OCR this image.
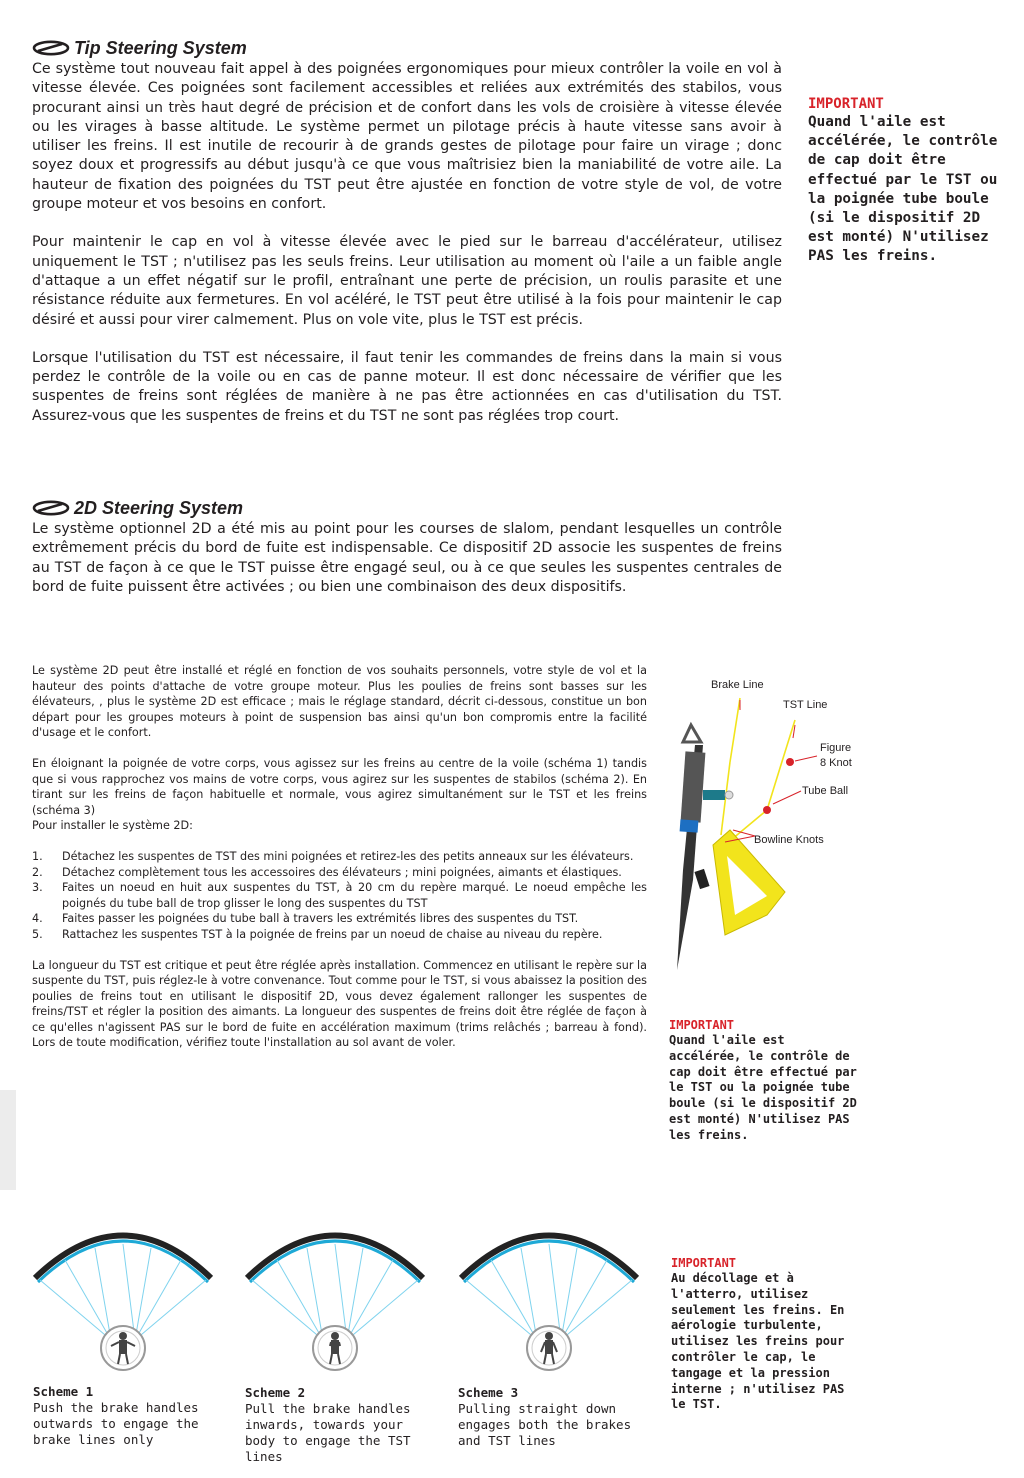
Tip Steering System

Ce système tout nouveau fait appel à des poignées ergonomiques pour mieux contrôler la voile en vol à vitesse élevée. Ces poignées sont facilement accessibles et reliées aux extrémités des stabilos, vous procurant ainsi un très haut degré de précision et de confort dans les vols de croisière à vitesse élevée ou les virages à basse altitude. Le système permet un pilotage précis à haute vitesse sans avoir à utiliser les freins. Il est inutile de recourir à de grands gestes de pilotage pour faire un virage ; donc soyez doux et progressifs au début jusqu'à ce que vous maîtrisiez bien la maniabilité de votre aile. La hauteur de fixation des poignées du TST peut être ajustée en fonction de votre style de vol, de votre groupe moteur et vos besoins en confort.

Pour maintenir le cap en vol à vitesse élevée avec le pied sur le barreau d'accélérateur, utilisez uniquement le TST ; n'utilisez pas les seuls freins. Leur utilisation au moment où l'aile a un faible angle d'attaque a un effet négatif sur le profil, entraînant une perte de précision, un roulis parasite et une résistance réduite aux fermetures. En vol acéléré, le TST peut être utilisé à la fois pour maintenir le cap désiré et aussi pour virer calmement. Plus on vole vite, plus le TST est précis.

Lorsque l'utilisation du TST est nécessaire, il faut tenir les commandes de freins dans la main si vous perdez le contrôle de la voile ou en cas de panne moteur. Il est donc nécessaire de vérifier que les suspentes de freins sont réglées de manière à ne pas être actionnées en cas d'utilisation du TST. Assurez-vous que les suspentes de freins et du TST ne sont pas réglées trop court.

IMPORTANT
Quand l'aile est accélérée, le contrôle de cap doit être effectué par le TST ou la poignée tube boule (si le dispositif 2D est monté) N'utilisez PAS les freins.
2D Steering System

Le système optionnel 2D a été mis au point pour les courses de slalom, pendant lesquelles un contrôle extrêmement précis du bord de fuite est indispensable. Ce dispositif 2D associe les suspentes de freins au TST de façon à ce que le TST puisse être engagé seul, ou à ce que seules les suspentes centrales de bord de fuite puissent être activées ; ou bien une combinaison des deux dispositifs.

Le système 2D peut être installé et réglé en fonction de vos souhaits personnels, votre style de vol et la hauteur des points d'attache de votre groupe moteur. Plus les poulies de freins sont basses sur les élévateurs, , plus le système 2D est efficace ; mais le réglage standard, décrit ci-dessous, constitue un bon départ pour les groupes moteurs à point de suspension bas ainsi qu'un bon compromis entre la facilité d'usage et le confort.

En éloignant la poignée de votre corps, vous agissez sur les freins au centre de la voile (schéma 1) tandis que si vous rapprochez vos mains de votre corps, vous agirez sur les suspentes de stabilos (schéma 2). En tirant sur les freins de façon habituelle et normale, vous agirez simultanément sur le TST et les freins (schéma 3)

Pour installer le système 2D:

1. Détachez les suspentes de TST des mini poignées et retirez-les des petits anneaux sur les élévateurs.
2. Détachez complètement tous les accessoires des élévateurs ; mini poignées, aimants et élastiques.
3. Faites un noeud en huit aux suspentes du TST, à 20 cm du repère marqué. Le noeud empêche les poignés du tube ball de trop glisser le long des suspentes du TST
4. Faites passer les poignées du tube ball à travers les extrémités libres des suspentes du TST.
5. Rattachez les suspentes TST à la poignée de freins par un noeud de chaise au niveau du repère.

La longueur du TST est critique et peut être réglée après installation. Commencez en utilisant le repère sur la suspente du TST, puis réglez-le à votre convenance. Tout comme pour le TST, si vous abaissez la position des poulies de freins tout en utilisant le dispositif 2D, vous devez également rallonger les suspentes de freins/TST et régler la position des aimants. La longueur des suspentes de freins doit être réglée de façon à ce qu'elles n'agissent PAS sur le bord de fuite en accélération maximum (trims relâchés ; barreau à fond). Lors de toute modification, vérifiez toute l'installation au sol avant de voler.

Brake Line
TST Line
Figure
8 Knot
Tube Ball
Bowline Knots
IMPORTANT
Quand l'aile est accélérée, le contrôle de cap doit être effectué par le TST ou la poignée tube boule (si le dispositif 2D est monté) N'utilisez PAS les freins.
IMPORTANT
Au décollage et à l'atterro, utilisez seulement les freins. En aérologie turbulente, utilisez les freins pour contrôler le cap, le tangage et la pression interne ; n'utilisez PAS le TST.
Scheme 1
Push the brake handles outwards to engage the brake lines only
Scheme 2
Pull the brake handles inwards, towards your body to engage the TST lines
Scheme 3
Pulling straight down engages both the brakes and TST lines
